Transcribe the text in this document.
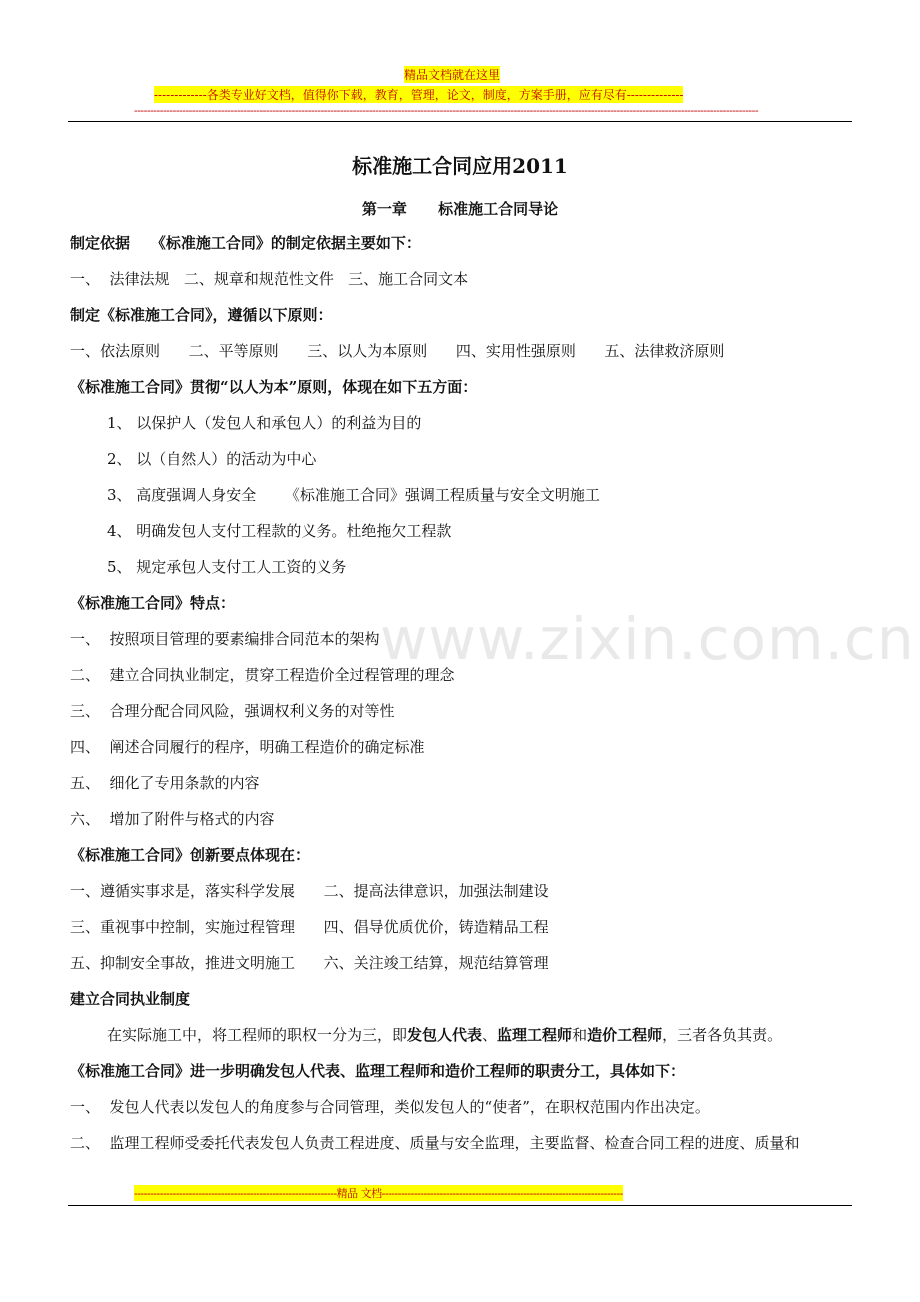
精品文档就在这里
-------------各类专业好文档，值得你下载，教育，管理，论文，制度，方案手册，应有尽有--------------
--------------------------------------------------------------------------------------------------------------------------------------------------------------------------------------------------
www.zixin.com.cn
标准施工合同应用2011
第一章      标准施工合同导论
制定依据    《标准施工合同》的制定依据主要如下：
一、  法律法规   二、规章和规范性文件   三、施工合同文本
制定《标准施工合同》，遵循以下原则：
一、依法原则      二、平等原则      三、以人为本原则      四、实用性强原则      五、法律救济原则
《标准施工合同》贯彻“以人为本”原则，体现在如下五方面：
1、 以保护人（发包人和承包人）的利益为目的
2、 以（自然人）的活动为中心
3、 高度强调人身安全      《标准施工合同》强调工程质量与安全文明施工
4、 明确发包人支付工程款的义务。杜绝拖欠工程款
5、 规定承包人支付工人工资的义务
《标准施工合同》特点：
一、  按照项目管理的要素编排合同范本的架构
二、  建立合同执业制定，贯穿工程造价全过程管理的理念
三、  合理分配合同风险，强调权利义务的对等性
四、  阐述合同履行的程序，明确工程造价的确定标准
五、  细化了专用条款的内容
六、  增加了附件与格式的内容
《标准施工合同》创新要点体现在：
一、遵循实事求是，落实科学发展      二、提高法律意识，加强法制建设
三、重视事中控制，实施过程管理      四、倡导优质优价，铸造精品工程
五、抑制安全事故，推进文明施工      六、关注竣工结算，规范结算管理
建立合同执业制度
在实际施工中，将工程师的职权一分为三，即发包人代表、监理工程师和造价工程师，三者各负其责。
《标准施工合同》进一步明确发包人代表、监理工程师和造价工程师的职责分工，具体如下：
一、  发包人代表以发包人的角度参与合同管理，类似发包人的“使者”，在职权范围内作出决定。
二、  监理工程师受委托代表发包人负责工程进度、质量与安全监理，主要监督、检查合同工程的进度、质量和
---------------------------------------------------------------精品 文档---------------------------------------------------------------------------
